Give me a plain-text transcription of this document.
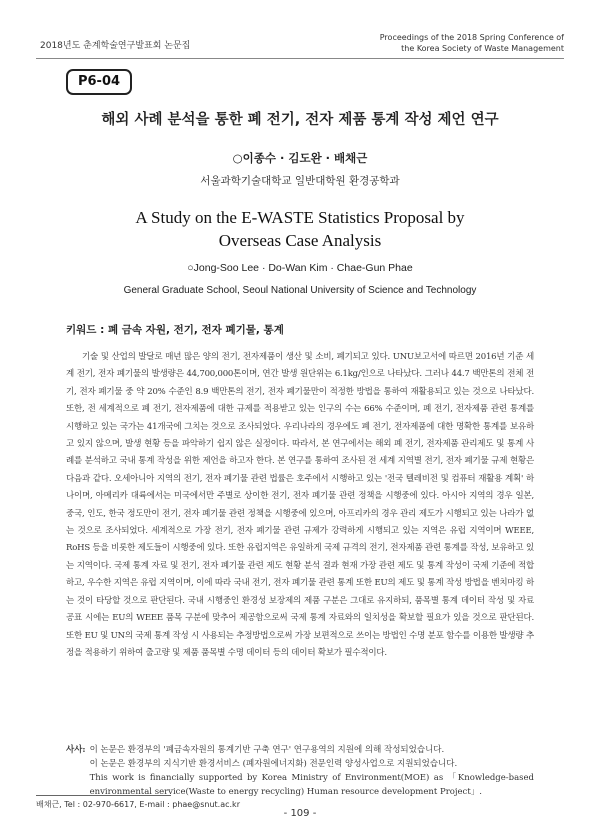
2018년도 춘계학술연구발표회 논문집
Proceedings of the 2018 Spring Conference of
the Korea Society of Waste Management
P6-04
해외 사례 분석을 통한 폐 전기, 전자 제품 통계 작성 제언 연구
○이종수 · 김도완 · 배채근
서울과학기술대학교 일반대학원 환경공학과
A Study on the E-WASTE Statistics Proposal by
Overseas Case Analysis
○Jong-Soo Lee · Do-Wan Kim · Chae-Gun Phae
General Graduate School, Seoul National University of Science and Technology
키워드 : 폐 금속 자원, 전기, 전자 폐기물, 통계
기술 및 산업의 발달로 매년 많은 양의 전기, 전자제품이 생산 및 소비, 폐기되고 있다. UNU보고서에 따르면 2016년 기준 세계 전기, 전자 폐기물의 발생량은 44,700,000톤이며, 연간 발생 원단위는 6.1kg/인으로 나타났다. 그러나 44.7 백만톤의 전체 전기, 전자 폐기물 중 약 20% 수준인 8.9 백만톤의 전기, 전자 폐기물만이 적정한 방법을 통하여 재활용되고 있는 것으로 나타났다. 또한, 전 세계적으로 폐 전기, 전자제품에 대한 규제를 적용받고 있는 인구의 수는 66% 수준이며, 폐 전기, 전자제품 관련 통계를 시행하고 있는 국가는 41개국에 그치는 것으로 조사되었다. 우리나라의 경우에도 폐 전기, 전자제품에 대한 명확한 통계를 보유하고 있지 않으며, 발생 현황 등을 파악하기 쉽지 않은 실정이다. 따라서, 본 연구에서는 해외 폐 전기, 전자제품 관리제도 및 통계 사례를 분석하고 국내 통계 작성을 위한 제언을 하고자 한다. 본 연구를 통하여 조사된 전 세계 지역별 전기, 전자 폐기물 규제 현황은 다음과 같다. 오세아니아 지역의 전기, 전자 폐기물 관련 법률은 호주에서 시행하고 있는 '전국 텔레비전 및 컴퓨터 재활용 계획' 하나이며, 아메리카 대륙에서는 미국에서만 주별로 상이한 전기, 전자 폐기물 관련 정책을 시행중에 있다. 아시아 지역의 경우 일본, 중국, 인도, 한국 정도만이 전기, 전자 폐기물 관련 정책을 시행중에 있으며, 아프리카의 경우 관리 제도가 시행되고 있는 나라가 없는 것으로 조사되었다. 세계적으로 가장 전기, 전자 폐기물 관련 규제가 강력하게 시행되고 있는 지역은 유럽 지역이며 WEEE, RoHS 등을 비롯한 제도들이 시행중에 있다. 또한 유럽지역은 유일하게 국제 규격의 전기, 전자제품 관련 통계를 작성, 보유하고 있는 지역이다. 국제 통계 자료 및 전기, 전자 폐기물 관련 제도 현황 분석 결과 현재 가장 관련 제도 및 통계 작성이 국제 기준에 적합하고, 우수한 지역은 유럽 지역이며, 이에 따라 국내 전기, 전자 폐기물 관련 통계 또한 EU의 제도 및 통계 작성 방법을 벤치마킹 하는 것이 타당할 것으로 판단된다. 국내 시행중인 환경성 보장제의 제품 구분은 그대로 유지하되, 품목별 통계 데이터 작성 및 자료 공표 시에는 EU의 WEEE 품목 구분에 맞추어 제공함으로써 국제 통계 자료와의 일치성을 확보할 필요가 있을 것으로 판단된다. 또한 EU 및 UN의 국제 통계 작성 시 사용되는 추정방법으로써 가장 보편적으로 쓰이는 방법인 수명 분포 함수를 이용한 발생량 추정을 적용하기 위하여 출고량 및 제품 품목별 수명 데이터 등의 데이터 확보가 필수적이다.
사사: 이 논문은 환경부의 '폐금속자원의 통계기반 구축 연구' 연구용역의 지원에 의해 작성되었습니다.
이 논문은 환경부의 지식기반 환경서비스 (폐자원에너지화) 전문인력 양성사업으로 지원되었습니다.
This work is financially supported by Korea Ministry of Environment(MOE) as 「Knowledge-based environmental service(Waste to energy recycling) Human resource development Project」.
배채근, Tel : 02-970-6617, E-mail : phae@snut.ac.kr
- 109 -
